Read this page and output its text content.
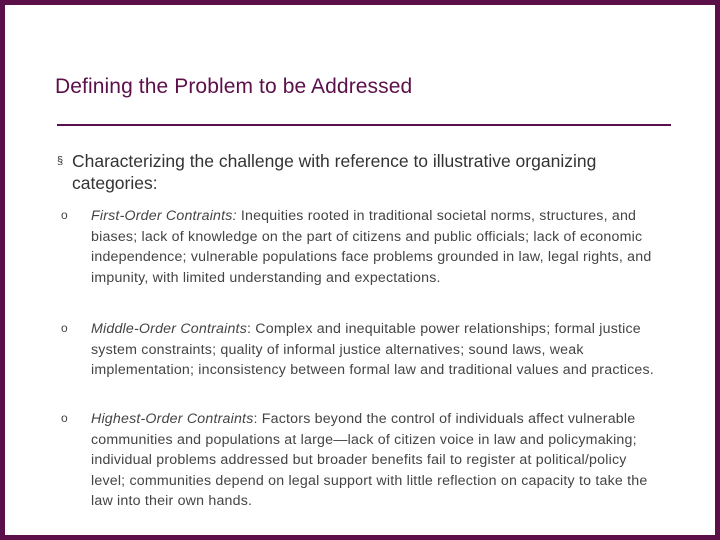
Defining the Problem to be Addressed
§ Characterizing the challenge with reference to illustrative organizing categories:
o First-Order Contraints: Inequities rooted in traditional societal norms, structures, and biases; lack of knowledge on the part of citizens and public officials; lack of economic independence; vulnerable populations face problems grounded in law, legal rights, and impunity, with limited understanding and expectations.
o Middle-Order Contraints: Complex and inequitable power relationships; formal justice system constraints; quality of informal justice alternatives; sound laws, weak implementation; inconsistency between formal law and traditional values and practices.
o Highest-Order Contraints: Factors beyond the control of individuals affect vulnerable communities and populations at large—lack of citizen voice in law and policymaking; individual problems addressed but broader benefits fail to register at political/policy level; communities depend on legal support with little reflection on capacity to take the law into their own hands.
